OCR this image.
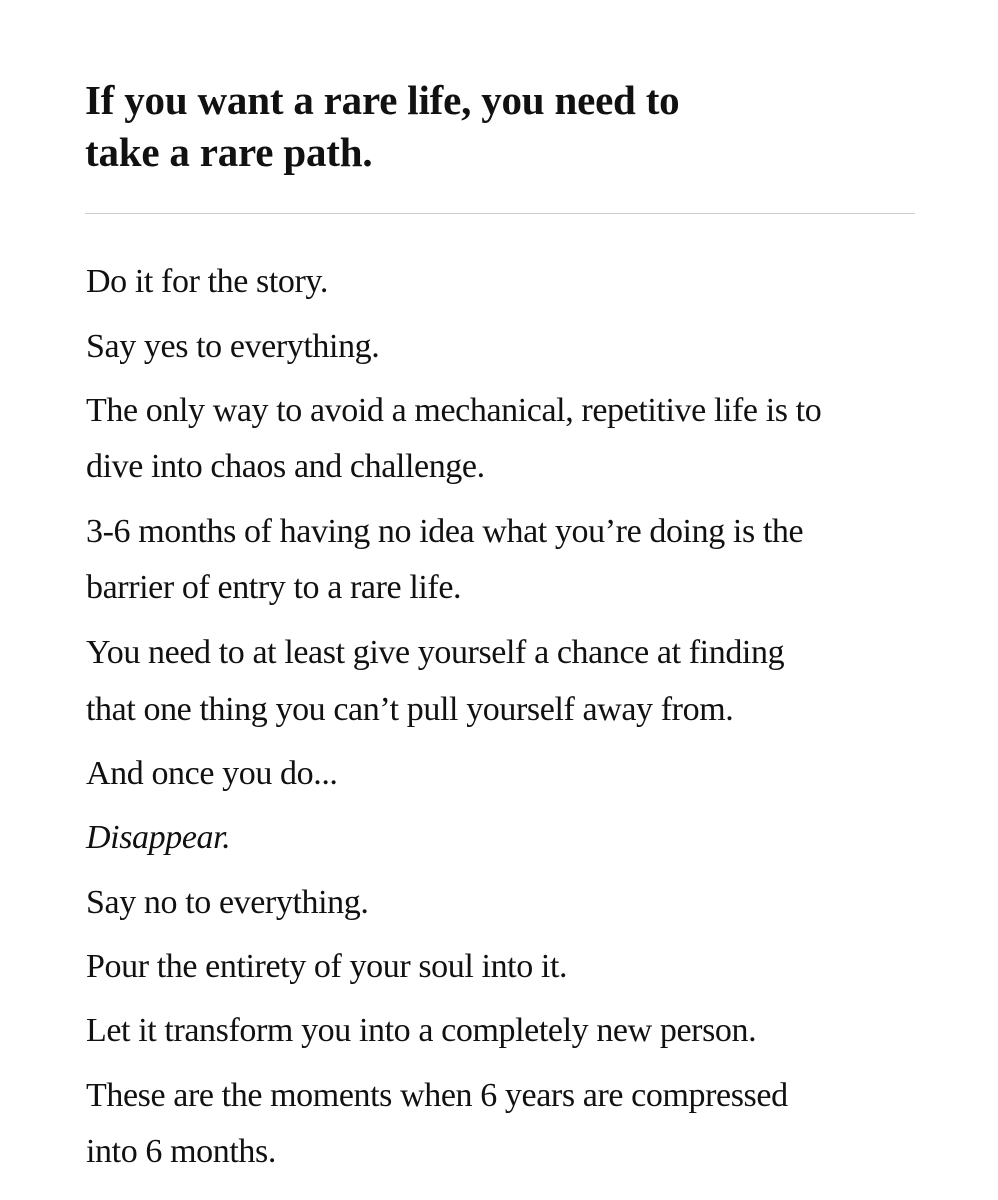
If you want a rare life, you need to
take a rare path.

Do it for the story.

Say yes to everything.

The only way to avoid a mechanical, repetitive life is to

dive into chaos and challenge.

3-6 months of having no idea what you’re doing is the

barrier of entry to a rare life.

You need to at least give yourself a chance at finding

that one thing you can’t pull yourself away from.

And once you do...

Disappear.

Say no to everything.

Pour the entirety of your soul into it.

Let it transform you into a completely new person.

These are the moments when 6 years are compressed

into 6 months.
